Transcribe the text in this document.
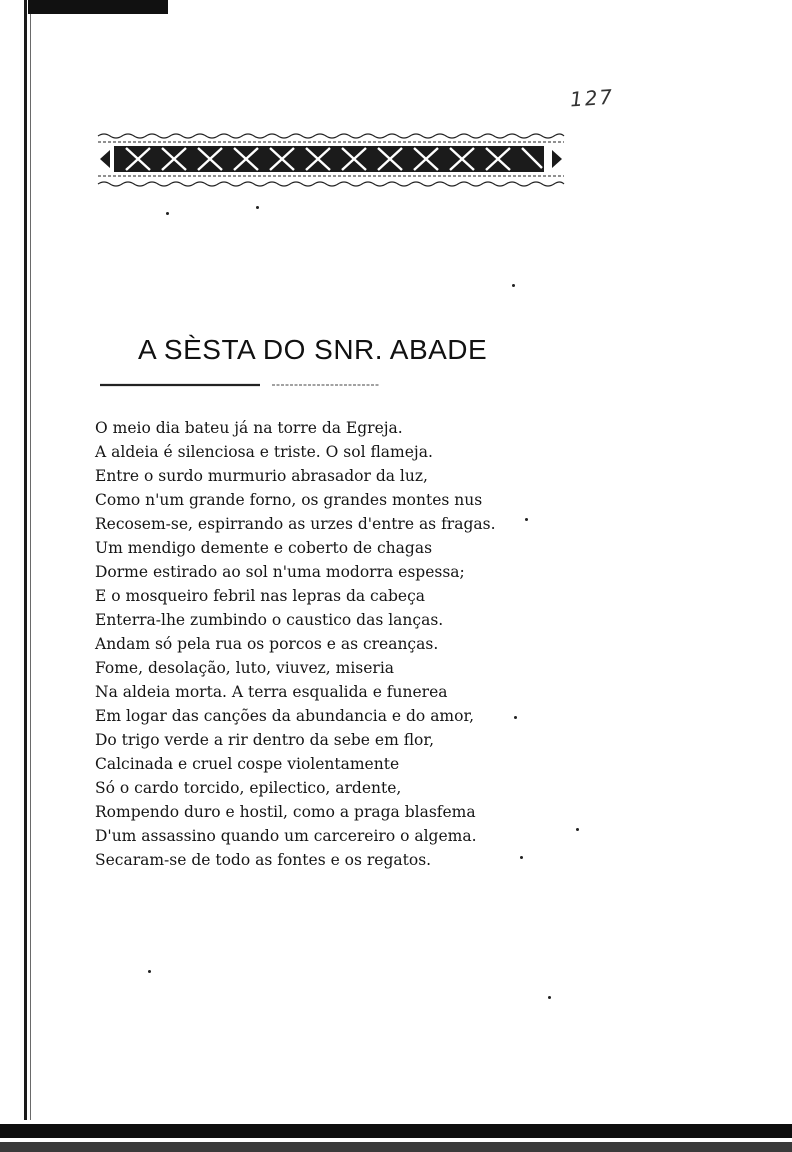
127
A SÈSTA DO SNR. ABADE
O meio dia bateu já na torre da Egreja.
A aldeia é silenciosa e triste. O sol flameja.
Entre o surdo murmurio abrasador da luz,
Como n'um grande forno, os grandes montes nus
Recosem-se, espirrando as urzes d'entre as fragas.
Um mendigo demente e coberto de chagas
Dorme estirado ao sol n'uma modorra espessa;
E o mosqueiro febril nas lepras da cabeça
Enterra-lhe zumbindo o caustico das lanças.
Andam só pela rua os porcos e as creanças.
Fome, desolação, luto, viuvez, miseria
Na aldeia morta. A terra esqualida e funerea
Em logar das canções da abundancia e do amor,
Do trigo verde a rir dentro da sebe em flor,
Calcinada e cruel cospe violentamente
Só o cardo torcido, epilectico, ardente,
Rompendo duro e hostil, como a praga blasfema
D'um assassino quando um carcereiro o algema.
Secaram-se de todo as fontes e os regatos.
